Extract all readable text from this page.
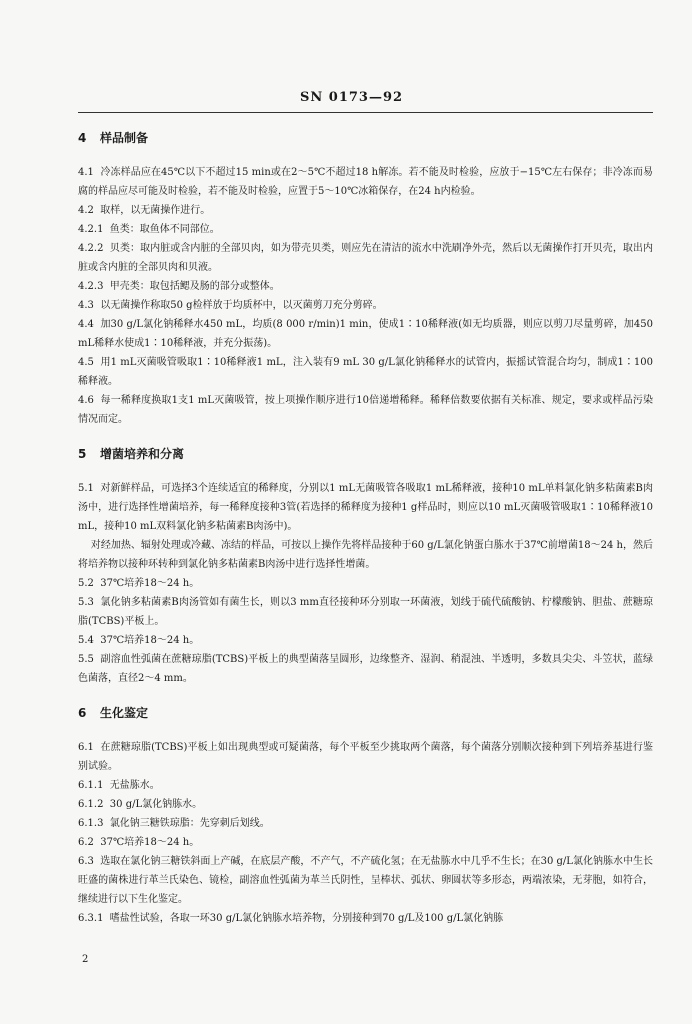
SN 0173—92
4 样品制备

4.1  冷冻样品应在45℃以下不超过15 min或在2～5℃不超过18 h解冻。若不能及时检验，应放于−15℃左右保存；非冷冻而易腐的样品应尽可能及时检验，若不能及时检验，应置于5～10℃冰箱保存，在24 h内检验。

4.2  取样，以无菌操作进行。

4.2.1  鱼类：取鱼体不同部位。

4.2.2  贝类：取内脏或含内脏的全部贝肉，如为带壳贝类，则应先在清洁的流水中洗刷净外壳，然后以无菌操作打开贝壳，取出内脏或含内脏的全部贝肉和贝液。

4.2.3  甲壳类：取包括鳃及肠的部分或整体。

4.3  以无菌操作称取50 g检样放于均质杯中，以灭菌剪刀充分剪碎。

4.4  加30 g/L氯化钠稀释水450 mL，均质(8 000 r/min)1 min，使成1∶10稀释液(如无均质器，则应以剪刀尽量剪碎，加450 mL稀释水使成1∶10稀释液，并充分振荡)。

4.5  用1 mL灭菌吸管吸取1∶10稀释液1 mL，注入装有9 mL 30 g/L氯化钠稀释水的试管内，振摇试管混合均匀，制成1∶100稀释液。

4.6  每一稀释度换取1支1 mL灭菌吸管，按上项操作顺序进行10倍递增稀释。稀释倍数要依据有关标准、规定，要求或样品污染情况而定。

5 增菌培养和分离

5.1  对新鲜样品，可选择3个连续适宜的稀释度，分别以1 mL无菌吸管各吸取1 mL稀释液，接种10 mL单料氯化钠多粘菌素B肉汤中，进行选择性增菌培养，每一稀释度接种3管(若选择的稀释度为接种1 g样品时，则应以10 mL灭菌吸管吸取1∶10稀释液10 mL，接种10 mL双料氯化钠多粘菌素B肉汤中)。

对经加热、辐射处理或冷藏、冻结的样品，可按以上操作先将样品接种于60 g/L氯化钠蛋白胨水于37℃前增菌18～24 h，然后将培养物以接种环转种到氯化钠多粘菌素B肉汤中进行选择性增菌。

5.2  37℃培养18～24 h。

5.3  氯化钠多粘菌素B肉汤管如有菌生长，则以3 mm直径接种环分别取一环菌液，划线于硫代硫酸钠、柠檬酸钠、胆盐、蔗糖琼脂(TCBS)平板上。

5.4  37℃培养18～24 h。

5.5  副溶血性弧菌在蔗糖琼脂(TCBS)平板上的典型菌落呈圆形，边缘整齐、湿润、稍混浊、半透明，多数具尖尖、斗笠状，蓝绿色菌落，直径2～4 mm。

6 生化鉴定

6.1  在蔗糖琼脂(TCBS)平板上如出现典型或可疑菌落，每个平板至少挑取两个菌落，每个菌落分别顺次接种到下列培养基进行鉴别试验。

6.1.1  无盐胨水。

6.1.2  30 g/L氯化钠胨水。

6.1.3  氯化钠三糖铁琼脂：先穿刺后划线。

6.2  37℃培养18～24 h。

6.3  选取在氯化钠三糖铁斜面上产碱，在底层产酸，不产气，不产硫化氢；在无盐胨水中几乎不生长；在30 g/L氯化钠胨水中生长旺盛的菌株进行革兰氏染色、镜检，副溶血性弧菌为革兰氏阴性，呈棒状、弧状、卵圆状等多形态，两端浓染，无芽胞，如符合，继续进行以下生化鉴定。

6.3.1  嗜盐性试验，各取一环30 g/L氯化钠胨水培养物，分别接种到70 g/L及100 g/L氯化钠胨

2
